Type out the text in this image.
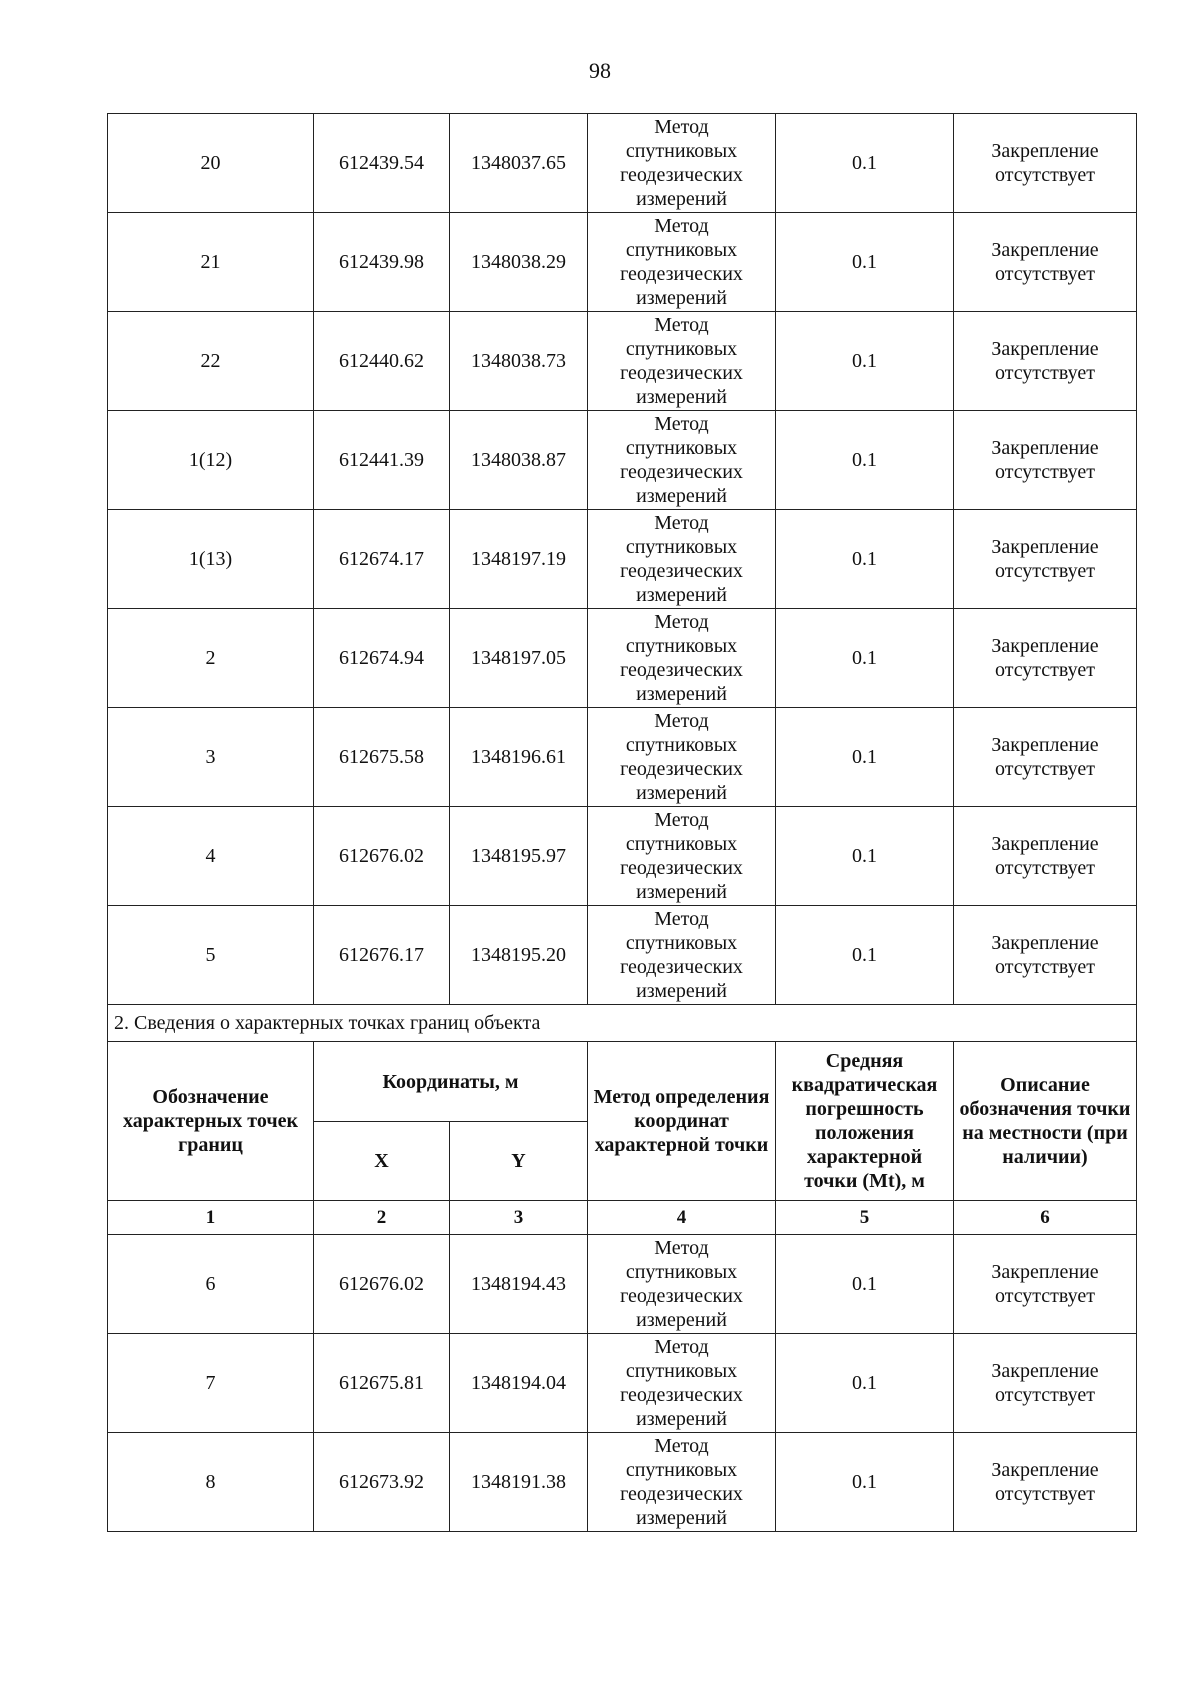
98
20	612439.54	1348037.65	Метод
спутниковых
геодезических
измерений	0.1	Закрепление
отсутствует

21	612439.98	1348038.29	Метод
спутниковых
геодезических
измерений	0.1	Закрепление
отсутствует

22	612440.62	1348038.73	Метод
спутниковых
геодезических
измерений	0.1	Закрепление
отсутствует

1(12)	612441.39	1348038.87	Метод
спутниковых
геодезических
измерений	0.1	Закрепление
отсутствует

1(13)	612674.17	1348197.19	Метод
спутниковых
геодезических
измерений	0.1	Закрепление
отсутствует

2	612674.94	1348197.05	Метод
спутниковых
геодезических
измерений	0.1	Закрепление
отсутствует

3	612675.58	1348196.61	Метод
спутниковых
геодезических
измерений	0.1	Закрепление
отсутствует

4	612676.02	1348195.97	Метод
спутниковых
геодезических
измерений	0.1	Закрепление
отсутствует

5	612676.17	1348195.20	Метод
спутниковых
геодезических
измерений	0.1	Закрепление
отсутствует

2. Сведения о характерных точках границ объекта					
Обозначение характерных точек границ	Координаты, м		Метод определения координат характерной точки	Средняя квадратическая погрешность положения характерной точки (Mt), м	Описание обозначения точки на местности (при наличии)
	X	Y			
1	2	3	4	5	6
6	612676.02	1348194.43	Метод
спутниковых
геодезических
измерений	0.1	Закрепление
отсутствует

7	612675.81	1348194.04	Метод
спутниковых
геодезических
измерений	0.1	Закрепление
отсутствует

8	612673.92	1348191.38	Метод
спутниковых
геодезических
измерений	0.1	Закрепление
отсутствует
